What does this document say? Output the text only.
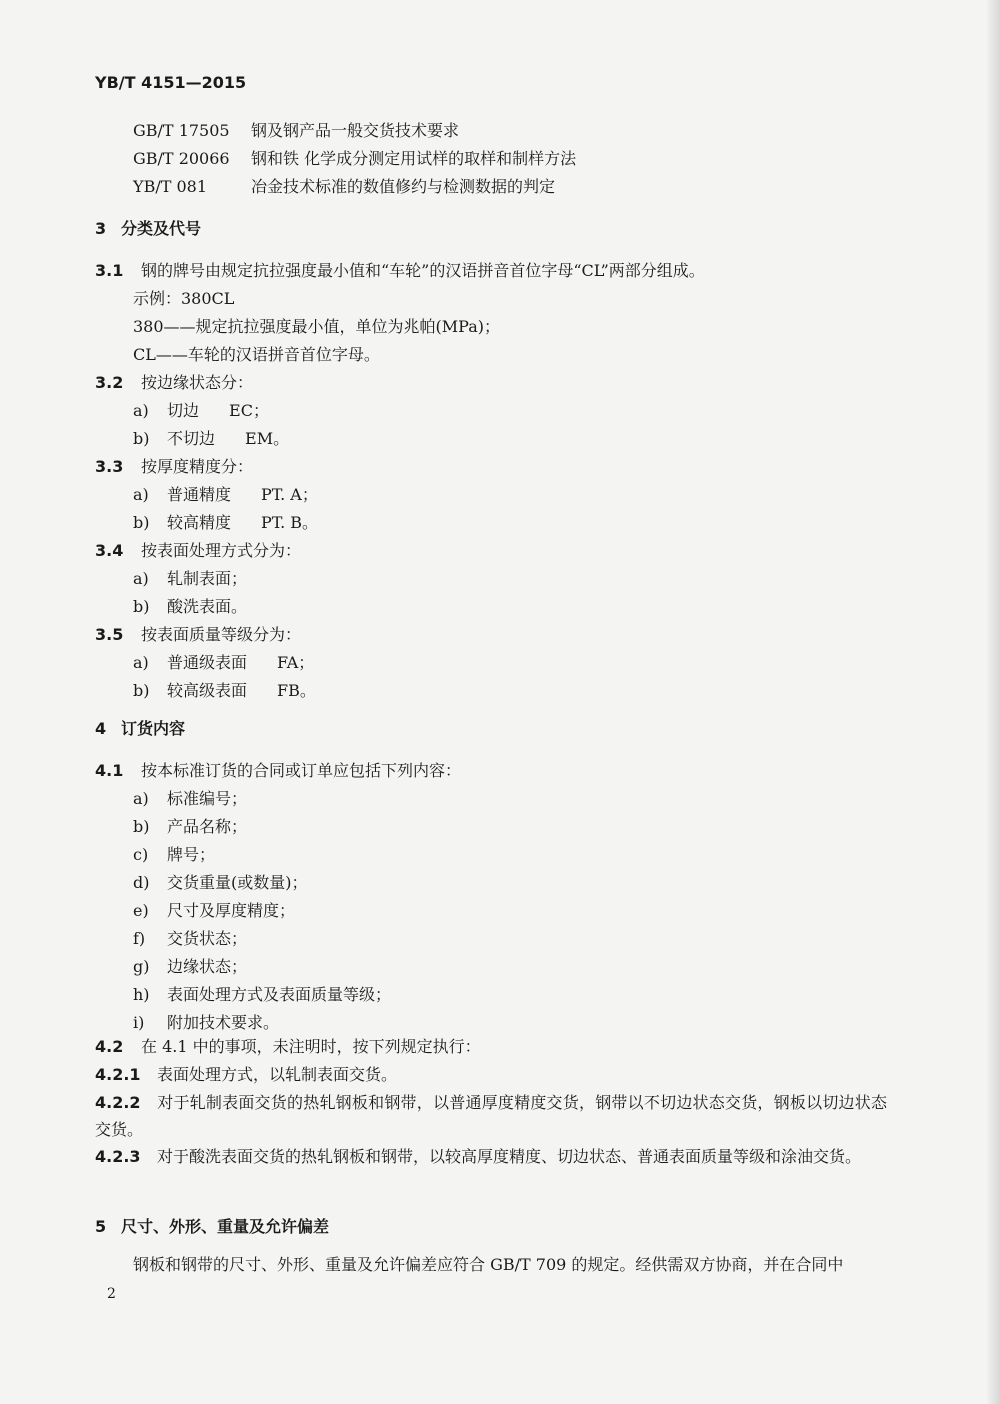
YB/T 4151—2015
GB/T 17505 钢及钢产品一般交货技术要求
GB/T 20066 钢和铁 化学成分测定用试样的取样和制样方法
YB/T 081	冶金技术标准的数值修约与检测数据的判定
3 分类及代号
3.1 钢的牌号由规定抗拉强度最小值和“车轮”的汉语拼音首位字母“CL”两部分组成。
示例：380CL
380——规定抗拉强度最小值，单位为兆帕(MPa)；
CL——车轮的汉语拼音首位字母。
3.2 按边缘状态分：
a) 切边 EC；
b) 不切边 EM。
3.3 按厚度精度分：
a) 普通精度 PT. A；
b) 较高精度 PT. B。
3.4 按表面处理方式分为：
a) 轧制表面；
b) 酸洗表面。
3.5 按表面质量等级分为：
a) 普通级表面 FA；
b) 较高级表面 FB。
4 订货内容
4.1 按本标准订货的合同或订单应包括下列内容：
a) 标准编号；
b) 产品名称；
c) 牌号；
d) 交货重量(或数量)；
e) 尺寸及厚度精度；
f) 交货状态；
g) 边缘状态；
h) 表面处理方式及表面质量等级；
i) 附加技术要求。
4.2 在 4.1 中的事项，未注明时，按下列规定执行：
4.2.1 表面处理方式，以轧制表面交货。
4.2.2 对于轧制表面交货的热轧钢板和钢带，以普通厚度精度交货，钢带以不切边状态交货，钢板以切边状态交货。
4.2.3 对于酸洗表面交货的热轧钢板和钢带，以较高厚度精度、切边状态、普通表面质量等级和涂油交货。
5 尺寸、外形、重量及允许偏差
钢板和钢带的尺寸、外形、重量及允许偏差应符合 GB/T 709 的规定。经供需双方协商，并在合同中
2
